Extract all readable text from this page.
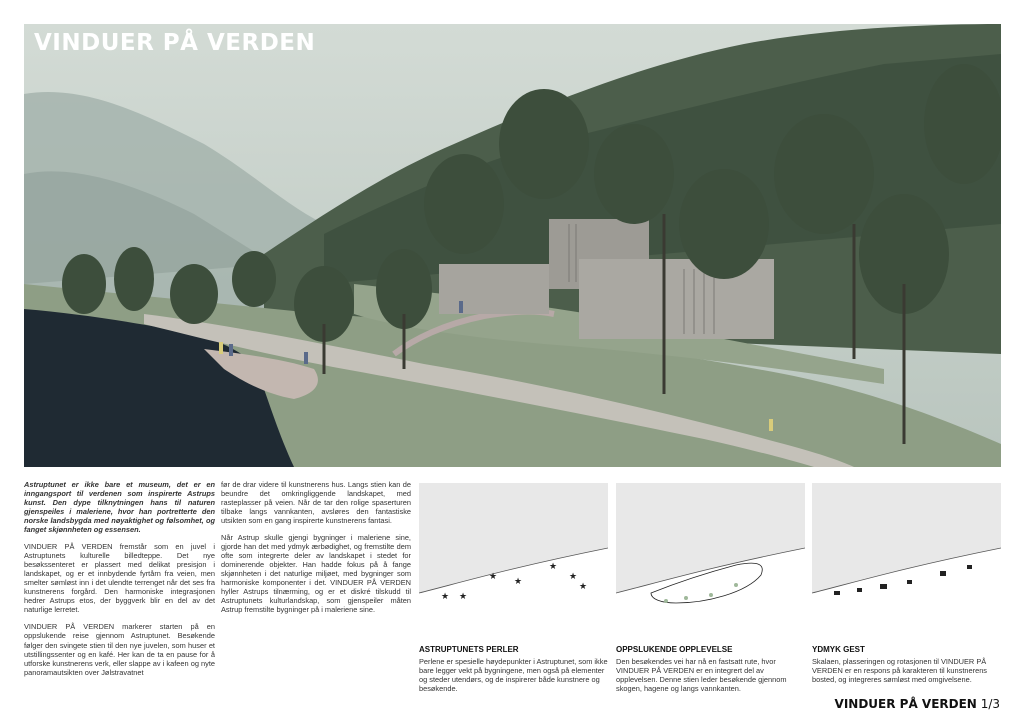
VINDUER PÅ VERDEN

Astruptunet er ikke bare et museum, det er en inngangsport til verdenen som inspirerte Astrups kunst. Den dype tilknytningen hans til naturen gjenspeiles i maleriene, hvor han portretterte den norske landsbygda med nøyaktighet og følsomhet, og fanget skjønnheten og essensen.

VINDUER PÅ VERDEN fremstår som en juvel i Astruptunets kulturelle billedteppe. Det nye besøkssenteret er plassert med delikat presisjon i landskapet, og er et innbydende fyrtårn fra veien, men smelter sømløst inn i det ulendte terrenget når det ses fra kunstnerens forgård. Den harmoniske integrasjonen hedrer Astrups etos, der byggverk blir en del av det naturlige lerretet.

VINDUER PÅ VERDEN markerer starten på en oppslukende reise gjennom Astruptunet. Besøkende følger den svingete stien til den nye juvelen, som huser et utstillingssenter og en kafé. Her kan de ta en pause for å utforske kunstnerens verk, eller slappe av i kafeen og nyte panoramautsikten over Jølstravatnet

før de drar videre til kunstnerens hus. Langs stien kan de beundre det omkringliggende landskapet, med rasteplasser på veien. Når de tar den rolige spaserturen tilbake langs vannkanten, avsløres den fantastiske utsikten som en gang inspirerte kunstnerens fantasi.

Når Astrup skulle gjengi bygninger i maleriene sine, gjorde han det med ydmyk ærbødighet, og fremstilte dem ofte som integrerte deler av landskapet i stedet for dominerende objekter. Han hadde fokus på å fange skjønnheten i det naturlige miljøet, med bygninger som harmoniske komponenter i det. VINDUER PÅ VERDEN hyller Astrups tilnærming, og er et diskré tilskudd til Astruptunets kulturlandskap, som gjenspeiler måten Astrup fremstilte bygninger på i maleriene sine.

★ ★
★ ★
★
★
★
ASTRUPTUNETS PERLER
Perlene er spesielle høydepunkter i Astruptunet, som ikke bare legger vekt på bygningene, men også på elementer og steder utendørs, og de inspirerer både kunstnere og besøkende.
OPPSLUKENDE OPPLEVELSE
Den besøkendes vei har nå en fastsatt rute, hvor VINDUER PÅ VERDEN er en integrert del av opplevelsen. Denne stien leder besøkende gjennom skogen, hagene og langs vannkanten.
YDMYK GEST
Skalaen, plasseringen og rotasjonen til VINDUER PÅ VERDEN er en respons på karakteren til kunstnerens bosted, og integreres sømløst med omgivelsene.
VINDUER PÅ VERDEN 1/3
